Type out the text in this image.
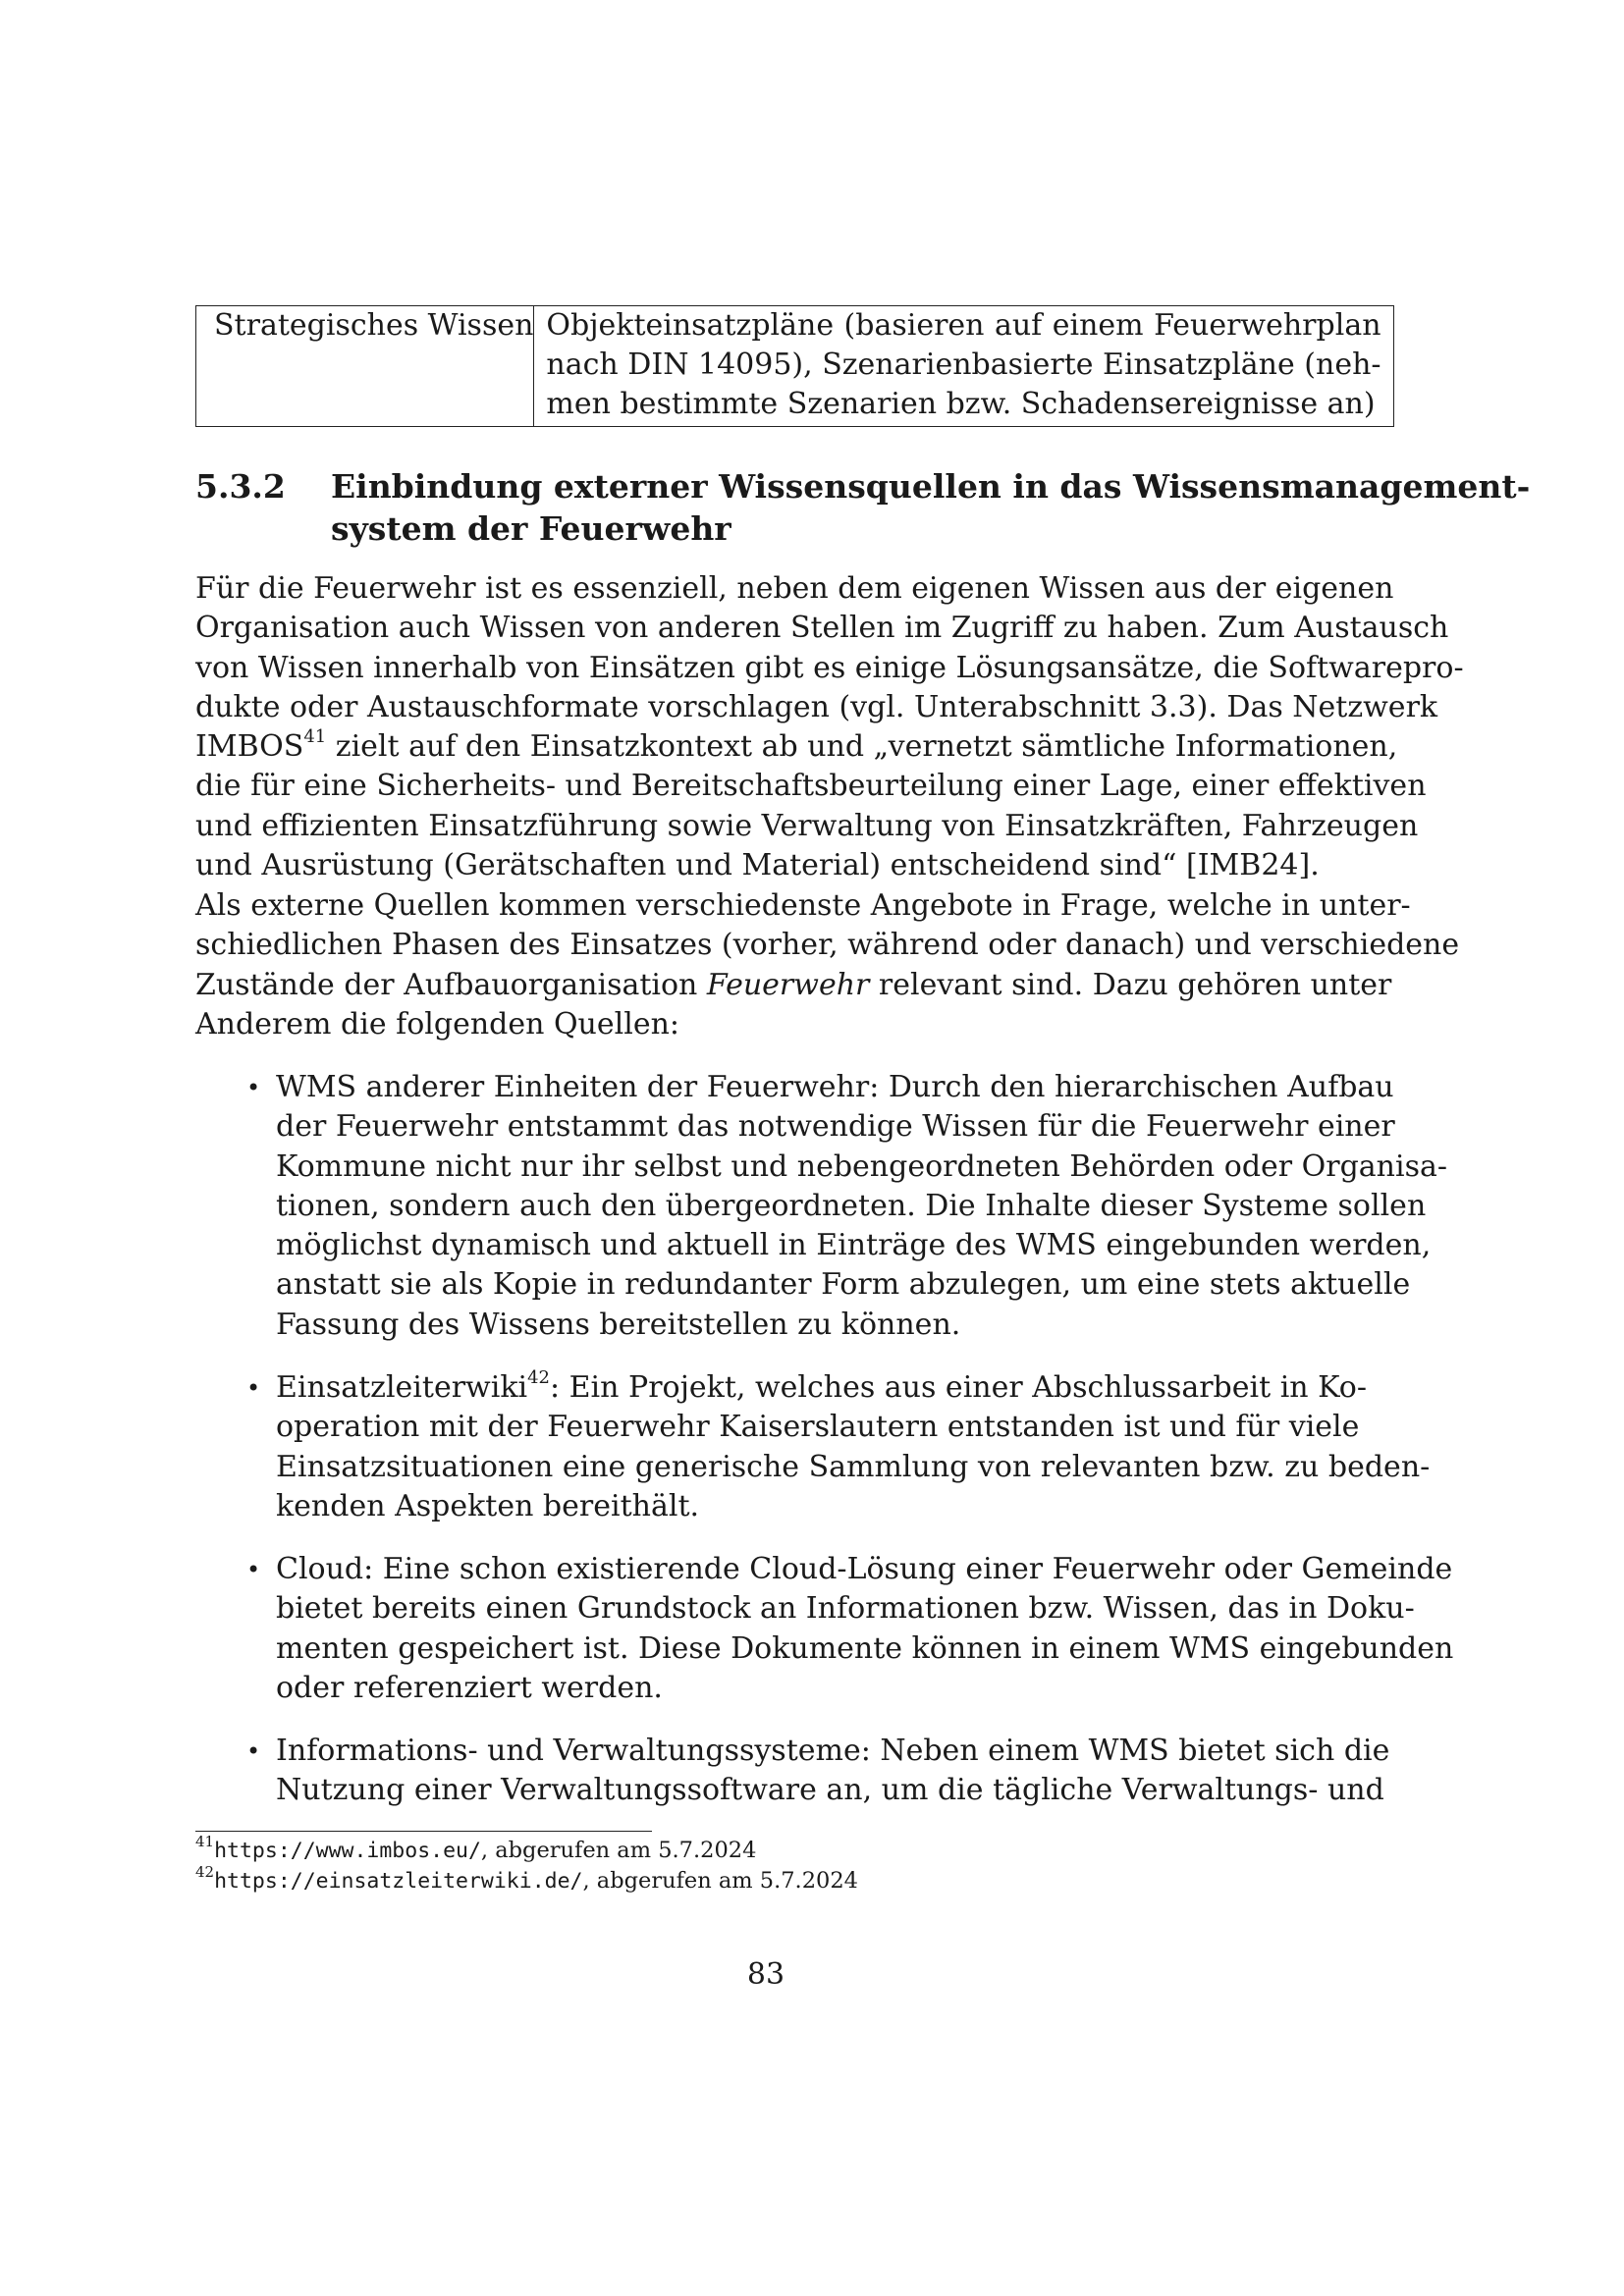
Strategisches Wissen	Objekteinsatzpläne (basieren auf einem Feuerwehrplan
nach DIN 14095), Szenarienbasierte Einsatzpläne (neh-
men bestimmte Szenarien bzw. Schadensereignisse an)
5.3.2 Einbindung externer Wissensquellen in das Wissensmanagement-
system der Feuerwehr
Für die Feuerwehr ist es essenziell, neben dem eigenen Wissen aus der eigenen
Organisation auch Wissen von anderen Stellen im Zugriff zu haben. Zum Austausch
von Wissen innerhalb von Einsätzen gibt es einige Lösungsansätze, die Softwarepro-
dukte oder Austauschformate vorschlagen (vgl. Unterabschnitt 3.3). Das Netzwerk
IMBOS$^{41}$ zielt auf den Einsatzkontext ab und „vernetzt sämtliche Informationen,
die für eine Sicherheits- und Bereitschaftsbeurteilung einer Lage, einer effektiven
und effizienten Einsatzführung sowie Verwaltung von Einsatzkräften, Fahrzeugen
und Ausrüstung (Gerätschaften und Material) entscheidend sind“ [IMB24].
Als externe Quellen kommen verschiedenste Angebote in Frage, welche in unter-
schiedlichen Phasen des Einsatzes (vorher, während oder danach) und verschiedene
Zustände der Aufbauorganisation Feuerwehr relevant sind. Dazu gehören unter
Anderem die folgenden Quellen:
• WMS anderer Einheiten der Feuerwehr: Durch den hierarchischen Aufbau
der Feuerwehr entstammt das notwendige Wissen für die Feuerwehr einer
Kommune nicht nur ihr selbst und nebengeordneten Behörden oder Organisa-
tionen, sondern auch den übergeordneten. Die Inhalte dieser Systeme sollen
möglichst dynamisch und aktuell in Einträge des WMS eingebunden werden,
anstatt sie als Kopie in redundanter Form abzulegen, um eine stets aktuelle
Fassung des Wissens bereitstellen zu können.
• Einsatzleiterwiki$^{42}$: Ein Projekt, welches aus einer Abschlussarbeit in Ko-
operation mit der Feuerwehr Kaiserslautern entstanden ist und für viele
Einsatzsituationen eine generische Sammlung von relevanten bzw. zu beden-
kenden Aspekten bereithält.
• Cloud: Eine schon existierende Cloud-Lösung einer Feuerwehr oder Gemeinde
bietet bereits einen Grundstock an Informationen bzw. Wissen, das in Doku-
menten gespeichert ist. Diese Dokumente können in einem WMS eingebunden
oder referenziert werden.
• Informations- und Verwaltungssysteme: Neben einem WMS bietet sich die
Nutzung einer Verwaltungssoftware an, um die tägliche Verwaltungs- und
$^{41}$https://www.imbos.eu/, abgerufen am 5.7.2024
$^{42}$https://einsatzleiterwiki.de/, abgerufen am 5.7.2024
83
